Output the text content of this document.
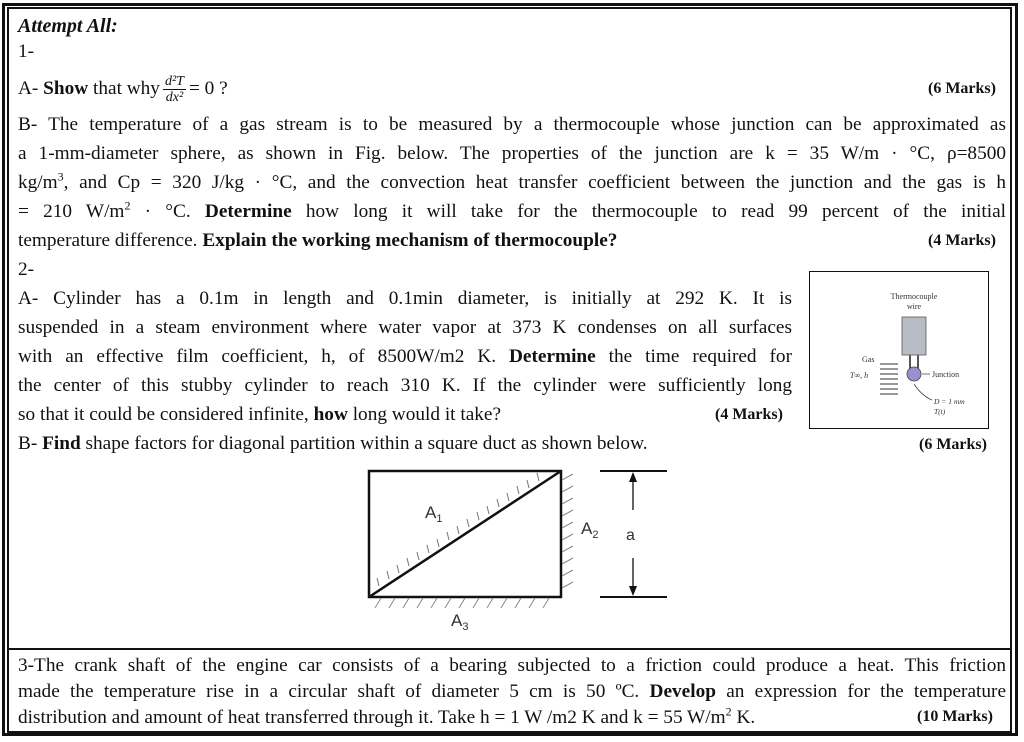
Attempt All:
1-
A- Show that why $\frac{\text{d²T}}{\text{dx²}} = 0$ ?	(6 Marks)
B- The temperature of a gas stream is to be measured by a thermocouple whose junction can be approximated as
a 1-mm-diameter sphere, as shown in Fig. below. The properties of the junction are k = 35 W/m · °C, ρ=8500
$kg/m^3$, and Cp = 320 J/kg · °C, and the convection heat transfer coefficient between the junction and the gas is h
= 210 $W/m^2 \cdot ^\circ C$. Determine how long it will take for the thermocouple to read 99 percent of the initial
temperature difference. Explain the working mechanism of thermocouple?	(4 Marks)
2-
A- Cylinder has a 0.1m in length and 0.1min diameter, is initially at 292 K. It is
suspended in a steam environment where water vapor at 373 K condenses on all surfaces
with an effective film coefficient, h, of 8500W/m2 K. Determine the time required for
the center of this stubby cylinder to reach 310 K. If the cylinder were sufficiently long
so that it could be considered infinite, how long would it take?	(4 Marks)
B- Find shape factors for diagonal partition within a square duct as shown below.	(6 Marks)
Thermocouple
wire
Gas
T∞, h	Junction
D = 1 mm
T(t)
$A_1$	$A_2$
$A_3$
a
3-The crank shaft of the engine car consists of a bearing subjected to a friction could produce a heat. This friction
made the temperature rise in a circular shaft of diameter 5 cm is 50 ºC. Develop an expression for the temperature
distribution and amount of heat transferred through it. Take h = 1 W /m2 K and k = 55 $W/m^2$ K.	(10 Marks)
